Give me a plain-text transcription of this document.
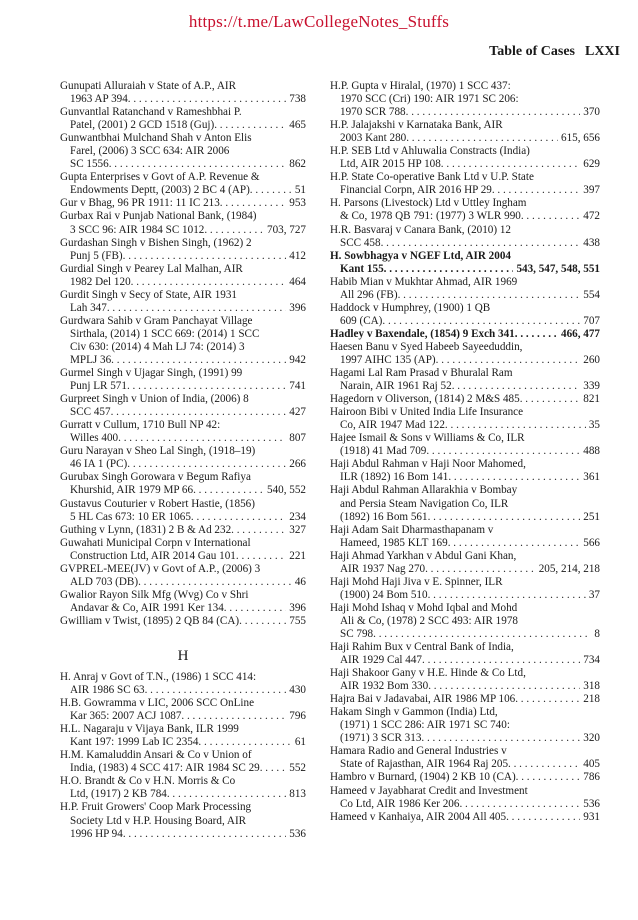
https://t.me/LawCollegeNotes_Stuffs
Table of Cases LXXI
Gunupati Alluraiah v State of A.P., AIR
1963 AP 394 . . .	738
Gunvantlal Ratanchand v Rameshbhai P.
Patel, (2001) 2 GCD 1518 (Guj) . . .	465
Gunwantbhai Mulchand Shah v Anton Elis
Farel, (2006) 3 SCC 634: AIR 2006
SC 1556 . . .	862
Gupta Enterprises v Govt of A.P. Revenue &
Endowments Deptt, (2003) 2 BC 4 (AP) . . .	51
Gur v Bhag, 96 PR 1911: 11 IC 213 . . .	953
Gurbax Rai v Punjab National Bank, (1984)
3 SCC 96: AIR 1984 SC 1012 . . .	703, 727
Gurdashan Singh v Bishen Singh, (1962) 2
Punj 5 (FB) . . .	412
Gurdial Singh v Pearey Lal Malhan, AIR
1982 Del 120 . . .	464
Gurdit Singh v Secy of State, AIR 1931
Lah 347 . . .	396
Gurdwara Sahib v Gram Panchayat Village
Sirthala, (2014) 1 SCC 669: (2014) 1 SCC
Civ 630: (2014) 4 Mah LJ 74: (2014) 3
MPLJ 36 . . .	942
Gurmel Singh v Ujagar Singh, (1991) 99
Punj LR 571 . . .	741
Gurpreet Singh v Union of India, (2006) 8
SCC 457 . . .	427
Gurratt v Cullum, 1710 Bull NP 42:
Willes 400 . . .	807
Guru Narayan v Sheo Lal Singh, (1918–19)
46 IA 1 (PC) . . .	266
Gurubax Singh Gorowara v Begum Rafiya
Khurshid, AIR 1979 MP 66 . . .	540, 552
Gustavus Couturier v Robert Hastie, (1856)
5 HL Cas 673: 10 ER 1065 . . .	234
Guthing v Lynn, (1831) 2 B & Ad 232 . . .	327
Guwahati Municipal Corpn v International
Construction Ltd, AIR 2014 Gau 101 . . .	221
GVPREL-MEE(JV) v Govt of A.P., (2006) 3
ALD 703 (DB) . . .	46
Gwalior Rayon Silk Mfg (Wvg) Co v Shri
Andavar & Co, AIR 1991 Ker 134 . . .	396
Gwilliam v Twist, (1895) 2 QB 84 (CA) . . .	755
H
H. Anraj v Govt of T.N., (1986) 1 SCC 414:
AIR 1986 SC 63 . . .	430
H.B. Gowramma v LIC, 2006 SCC OnLine
Kar 365: 2007 ACJ 1087 . . .	796
H.L. Nagaraju v Vijaya Bank, ILR 1999
Kant 197: 1999 Lab IC 2354 . . .	61
H.M. Kamaluddin Ansari & Co v Union of
India, (1983) 4 SCC 417: AIR 1984 SC 29 . . .	552
H.O. Brandt & Co v H.N. Morris & Co
Ltd, (1917) 2 KB 784 . . .	813
H.P. Fruit Growers' Coop Mark Processing
Society Ltd v H.P. Housing Board, AIR
1996 HP 94 . . .	536
H.P. Gupta v Hiralal, (1970) 1 SCC 437:
1970 SCC (Cri) 190: AIR 1971 SC 206:
1970 SCR 788 . . .	370
H.P. Jalajakshi v Karnataka Bank, AIR
2003 Kant 280 . . .	615, 656
H.P. SEB Ltd v Ahluwalia Constracts (India)
Ltd, AIR 2015 HP 108 . . .	629
H.P. State Co-operative Bank Ltd v U.P. State
Financial Corpn, AIR 2016 HP 29 . . .	397
H. Parsons (Livestock) Ltd v Uttley Ingham
& Co, 1978 QB 791: (1977) 3 WLR 990 . . .	472
H.R. Basvaraj v Canara Bank, (2010) 12
SCC 458 . . .	438
H. Sowbhagya v NGEF Ltd, AIR 2004
Kant 155 . . .	543, 547, 548, 551
Habib Mian v Mukhtar Ahmad, AIR 1969
All 296 (FB) . . .	554
Haddock v Humphrey, (1900) 1 QB
609 (CA) . . .	707
Hadley v Baxendale, (1854) 9 Exch 341 . . .	466, 477
Haesen Banu v Syed Habeeb Sayeeduddin,
1997 AIHC 135 (AP) . . .	260
Hagami Lal Ram Prasad v Bhuralal Ram
Narain, AIR 1961 Raj 52 . . .	339
Hagedorn v Oliverson, (1814) 2 M&S 485 . . .	821
Hairoon Bibi v United India Life Insurance
Co, AIR 1947 Mad 122 . . .	35
Hajee Ismail & Sons v Williams & Co, ILR
(1918) 41 Mad 709 . . .	488
Haji Abdul Rahman v Haji Noor Mahomed,
ILR (1892) 16 Bom 141 . . .	361
Haji Abdul Rahman Allarakhia v Bombay
and Persia Steam Navigation Co, ILR
(1892) 16 Bom 561 . . .	251
Haji Adam Sait Dharmasthapanam v
Hameed, 1985 KLT 169 . . .	566
Haji Ahmad Yarkhan v Abdul Gani Khan,
AIR 1937 Nag 270 . . .	205, 214, 218
Haji Mohd Haji Jiva v E. Spinner, ILR
(1900) 24 Bom 510 . . .	37
Haji Mohd Ishaq v Mohd Iqbal and Mohd
Ali & Co, (1978) 2 SCC 493: AIR 1978
SC 798 . . .	8
Haji Rahim Bux v Central Bank of India,
AIR 1929 Cal 447 . . .	734
Haji Shakoor Gany v H.E. Hinde & Co Ltd,
AIR 1932 Bom 330 . . .	318
Hajra Bai v Jadavabai, AIR 1986 MP 106 . . .	218
Hakam Singh v Gammon (India) Ltd,
(1971) 1 SCC 286: AIR 1971 SC 740:
(1971) 3 SCR 313 . . .	320
Hamara Radio and General Industries v
State of Rajasthan, AIR 1964 Raj 205 . . .	405
Hambro v Burnard, (1904) 2 KB 10 (CA) . . .	786
Hameed v Jayabharat Credit and Investment
Co Ltd, AIR 1986 Ker 206 . . .	536
Hameed v Kanhaiya, AIR 2004 All 405 . . .	931
